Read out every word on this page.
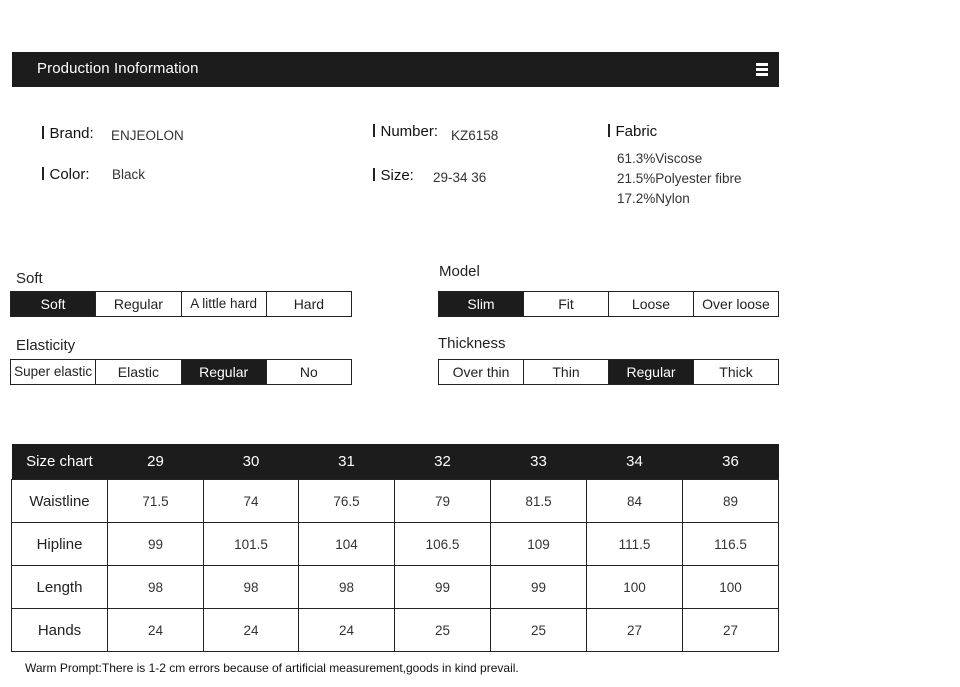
Production Inoformation
Brand: ENJEOLON
Color: Black
Number: KZ6158
Size: 29-34 36
Fabric
61.3%Viscose
21.5%Polyester fibre
17.2%Nylon
Soft
Soft	Regular	A little hard	Hard
Elasticity
Super elastic	Elastic	Regular	No
Model
Slim	Fit	Loose	Over loose
Thickness
Over thin	Thin	Regular	Thick
Size chart	29	30	31	32	33	34	36
Waistline	71.5	74	76.5	79	81.5	84	89
Hipline	99	101.5	104	106.5	109	111.5	116.5
Length	98	98	98	99	99	100	100
Hands	24	24	24	25	25	27	27
Warm Prompt:There is 1-2 cm errors because of artificial measurement,goods in kind prevail.
